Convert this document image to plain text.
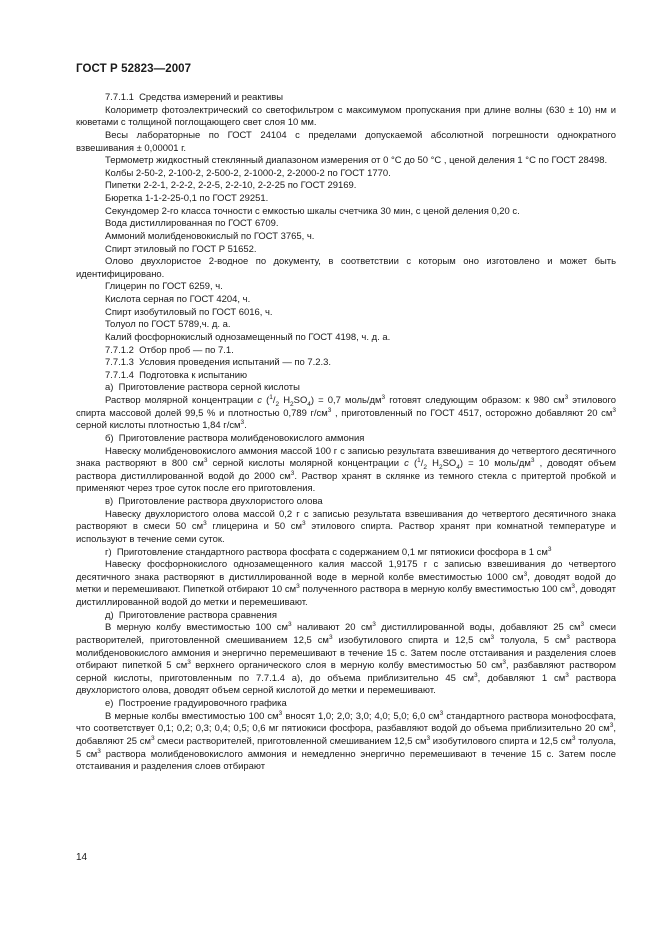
ГОСТ Р 52823—2007

7.7.1.1  Средства измерений и реактивы

Колориметр фотоэлектрический со светофильтром с максимумом пропускания при длине волны (630 ± 10) нм и кюветами с толщиной поглощающего свет слоя 10 мм.

Весы лабораторные по ГОСТ 24104 с пределами допускаемой абсолютной погрешности однократного взвешивания ± 0,00001 г.

Термометр жидкостный стеклянный диапазоном измерения от 0 °С до 50 °С , ценой деления 1 °С по ГОСТ 28498.

Колбы 2-50-2, 2-100-2, 2-500-2, 2-1000-2, 2-2000-2 по ГОСТ 1770.

Пипетки 2-2-1, 2-2-2, 2-2-5, 2-2-10, 2-2-25 по ГОСТ 29169.

Бюретка 1-1-2-25-0,1 по ГОСТ 29251.

Секундомер 2-го класса точности с емкостью шкалы счетчика 30 мин, с ценой деления 0,20 с.

Вода дистиллированная по ГОСТ 6709.

Аммоний молибденовокислый по ГОСТ 3765, ч.

Спирт этиловый по ГОСТ Р 51652.

Олово двухлористое 2-водное по документу, в соответствии с которым оно изготовлено и может быть идентифицировано.

Глицерин по ГОСТ 6259, ч.

Кислота серная по ГОСТ 4204, ч.

Спирт изобутиловый по ГОСТ 6016, ч.

Толуол по ГОСТ 5789,ч. д. а.

Калий фосфорнокислый однозамещенный по ГОСТ 4198, ч. д. а.

7.7.1.2  Отбор проб — по 7.1.

7.7.1.3  Условия проведения испытаний — по 7.2.3.

7.7.1.4  Подготовка к испытанию

а)  Приготовление раствора серной кислоты

Раствор молярной концентрации с ($^1/_2$ $Н_2SО_4) = 0,7$ моль/$дм^3$ готовят следующим образом: к 980 $см^3$ этилового спирта массовой долей 99,5 % и плотностью 0,789 $г/см^3$ , приготовленный по ГОСТ 4517, осторожно добавляют 20 $см^3$ серной кислоты плотностью 1,84 $г/см^3$.

б)  Приготовление раствора молибденовокислого аммония

Навеску молибденовокислого аммония массой 100 г с записью результата взвешивания до четвертого десятичного знака растворяют в 800 $см^3$ серной кислоты молярной концентрации с ($^1/_2$ $Н_2SО_4) = 10$ моль/$дм^3$ , доводят объем раствора дистиллированной водой до 2000 $см^3$. Раствор хранят в склянке из темного стекла с притертой пробкой и применяют через трое суток после его приготовления.

в)  Приготовление раствора двухлористого олова

Навеску двухлористого олова массой 0,2 г с записью результата взвешивания до четвертого десятичного знака растворяют в смеси 50 $см^3$ глицерина и 50 $см^3$ этилового спирта. Раствор хранят при комнатной температуре и используют в течение семи суток.

г)  Приготовление стандартного раствора фосфата с содержанием 0,1 мг пятиокиси фосфора в 1 $см^3$

Навеску фосфорнокислого однозамещенного калия массой 1,9175 г с записью взвешивания до четвертого десятичного знака растворяют в дистиллированной воде в мерной колбе вместимостью 1000 $см^3$, доводят водой до метки и перемешивают. Пипеткой отбирают 10 $см^3$ полученного раствора в мерную колбу вместимостью 100 $см^3$, доводят дистиллированной водой до метки и перемешивают.

д)  Приготовление раствора сравнения

В мерную колбу вместимостью 100 $см^3$ наливают 20 $см^3$ дистиллированной воды, добавляют 25 $см^3$ смеси растворителей, приготовленной смешиванием 12,5 $см^3$ изобутилового спирта и 12,5 $см^3$ толуола, 5 $см^3$ раствора молибденовокислого аммония и энергично перемешивают в течение 15 с. Затем после отстаивания и разделения слоев отбирают пипеткой 5 $см^3$ верхнего органического слоя в мерную колбу вместимостью 50 $см^3$, разбавляют раствором серной кислоты, приготовленным по 7.7.1.4 а), до объема приблизительно 45 $см^3$, добавляют 1 $см^3$ раствора двухлористого олова, доводят объем серной кислотой до метки и перемешивают.

е)  Построение градуировочного графика

В мерные колбы вместимостью 100 $см^3$ вносят 1,0; 2,0; 3,0; 4,0; 5,0; 6,0 $см^3$ стандартного раствора монофосфата, что соответствует 0,1; 0,2; 0,3; 0,4; 0,5; 0,6 мг пятиокиси фосфора, разбавляют водой до объема приблизительно 20 $см^3$, добавляют 25 $см^3$ смеси растворителей, приготовленной смешиванием 12,5 $см^3$ изобутилового спирта и 12,5 $см^3$ толуола, 5 $см^3$ раствора молибденовокислого аммония и немедленно энергично перемешивают в течение 15 с. Затем после отстаивания и разделения слоев отбирают

14
